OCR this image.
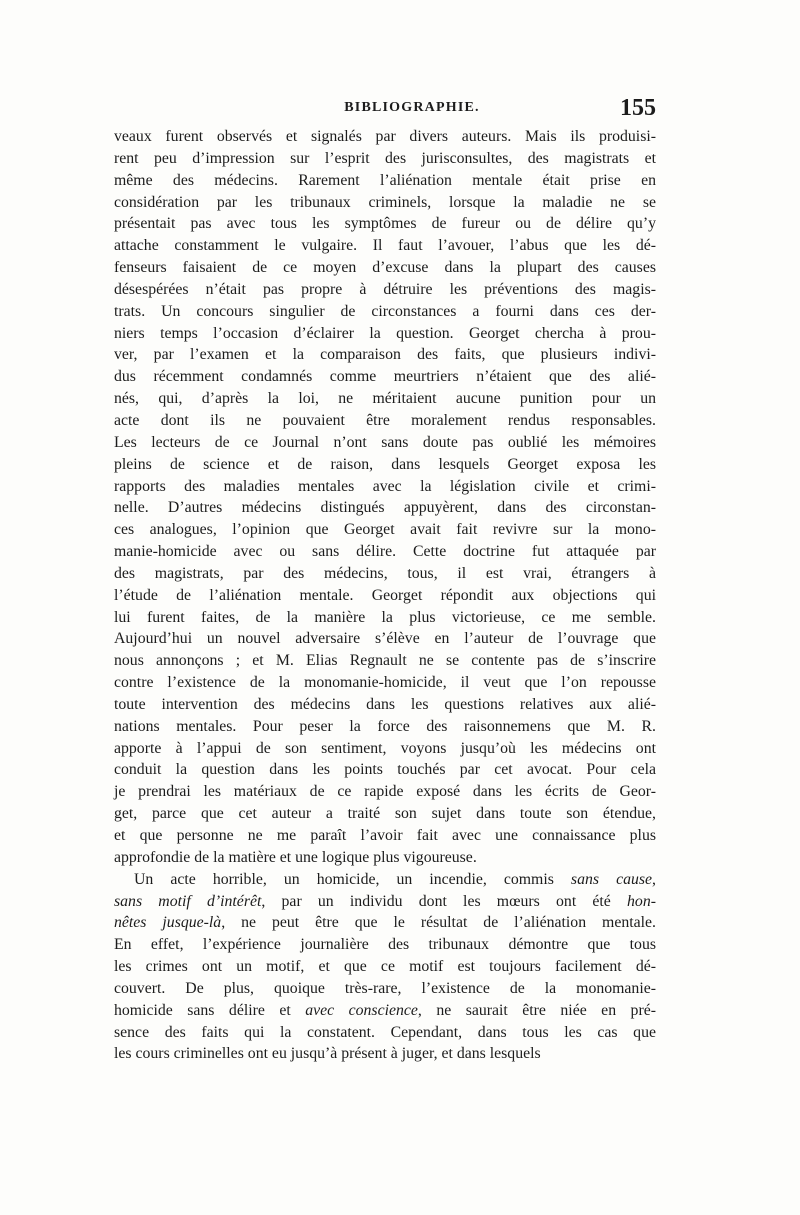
BIBLIOGRAPHIE.	155
veaux furent observés et signalés par divers auteurs. Mais ils produisi-
rent peu d’impression sur l’esprit des jurisconsultes, des magistrats et
même des médecins. Rarement l’aliénation mentale était prise en
considération par les tribunaux criminels, lorsque la maladie ne se
présentait pas avec tous les symptômes de fureur ou de délire qu’y
attache constamment le vulgaire. Il faut l’avouer, l’abus que les dé-
fenseurs faisaient de ce moyen d’excuse dans la plupart des causes
désespérées n’était pas propre à détruire les préventions des magis-
trats. Un concours singulier de circonstances a fourni dans ces der-
niers temps l’occasion d’éclairer la question. Georget chercha à prou-
ver, par l’examen et la comparaison des faits, que plusieurs indivi-
dus récemment condamnés comme meurtriers n’étaient que des alié-
nés, qui, d’après la loi, ne méritaient aucune punition pour un
acte dont ils ne pouvaient être moralement rendus responsables.
Les lecteurs de ce Journal n’ont sans doute pas oublié les mémoires
pleins de science et de raison, dans lesquels Georget exposa les
rapports des maladies mentales avec la législation civile et crimi-
nelle. D’autres médecins distingués appuyèrent, dans des circonstan-
ces analogues, l’opinion que Georget avait fait revivre sur la mono-
manie-homicide avec ou sans délire. Cette doctrine fut attaquée par
des magistrats, par des médecins, tous, il est vrai, étrangers à
l’étude de l’aliénation mentale. Georget répondit aux objections qui
lui furent faites, de la manière la plus victorieuse, ce me semble.
Aujourd’hui un nouvel adversaire s’élève en l’auteur de l’ouvrage que
nous annonçons ; et M. Elias Regnault ne se contente pas de s’inscrire
contre l’existence de la monomanie-homicide, il veut que l’on repousse
toute intervention des médecins dans les questions relatives aux alié-
nations mentales. Pour peser la force des raisonnemens que M. R.
apporte à l’appui de son sentiment, voyons jusqu’où les médecins ont
conduit la question dans les points touchés par cet avocat. Pour cela
je prendrai les matériaux de ce rapide exposé dans les écrits de Geor-
get, parce que cet auteur a traité son sujet dans toute son étendue,
et que personne ne me paraît l’avoir fait avec une connaissance plus
approfondie de la matière et une logique plus vigoureuse.
Un acte horrible, un homicide, un incendie, commis sans cause,
sans motif d’intérêt, par un individu dont les mœurs ont été hon-
nêtes jusque-là, ne peut être que le résultat de l’aliénation mentale.
En effet, l’expérience journalière des tribunaux démontre que tous
les crimes ont un motif, et que ce motif est toujours facilement dé-
couvert. De plus, quoique très-rare, l’existence de la monomanie-
homicide sans délire et avec conscience, ne saurait être niée en pré-
sence des faits qui la constatent. Cependant, dans tous les cas que
les cours criminelles ont eu jusqu’à présent à juger, et dans lesquels
